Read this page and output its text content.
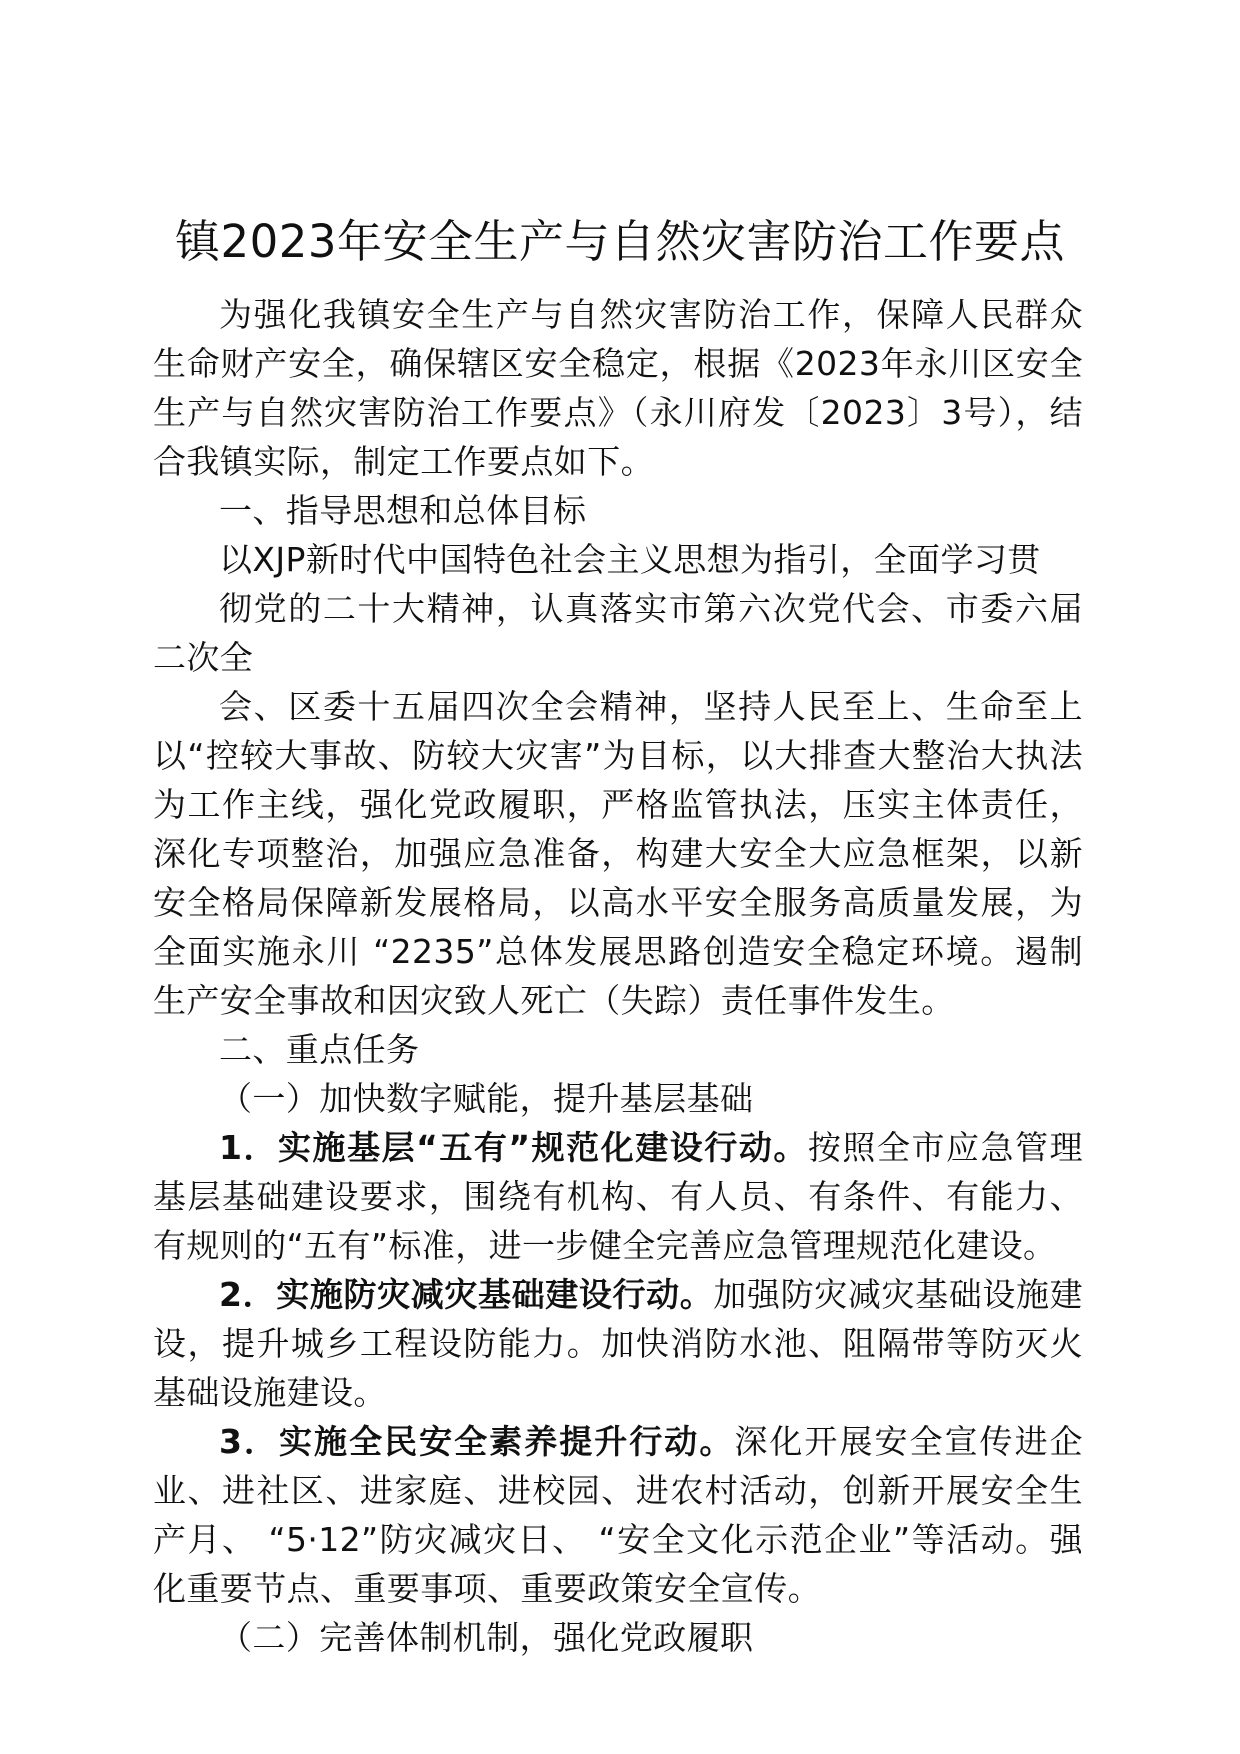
镇2023年安全生产与自然灾害防治工作要点

为强化我镇安全生产与自然灾害防治工作，保障人民群众生命财产安全，确保辖区安全稳定，根据《2023年永川区安全生产与自然灾害防治工作要点》（永川府发〔2023〕3号），结合我镇实际，制定工作要点如下。

一、指导思想和总体目标

以XJP新时代中国特色社会主义思想为指引，全面学习贯

彻党的二十大精神，认真落实市第六次党代会、市委六届二次全

会、区委十五届四次全会精神，坚持人民至上、生命至上以“控较大事故、防较大灾害”为目标，以大排查大整治大执法为工作主线，强化党政履职，严格监管执法，压实主体责任，深化专项整治，加强应急准备，构建大安全大应急框架，以新安全格局保障新发展格局，以高水平安全服务高质量发展，为全面实施永川 “2235”总体发展思路创造安全稳定环境。遏制生产安全事故和因灾致人死亡（失踪）责任事件发生。

二、重点任务

（一）加快数字赋能，提升基层基础

1．实施基层“五有”规范化建设行动。按照全市应急管理基层基础建设要求，围绕有机构、有人员、有条件、有能力、有规则的“五有”标准，进一步健全完善应急管理规范化建设。

2．实施防灾减灾基础建设行动。加强防灾减灾基础设施建设，提升城乡工程设防能力。加快消防水池、阻隔带等防灭火基础设施建设。

3．实施全民安全素养提升行动。深化开展安全宣传进企业、进社区、进家庭、进校园、进农村活动，创新开展安全生产月、 “5·12”防灾减灾日、 “安全文化示范企业”等活动。强化重要节点、重要事项、重要政策安全宣传。

（二）完善体制机制，强化党政履职
